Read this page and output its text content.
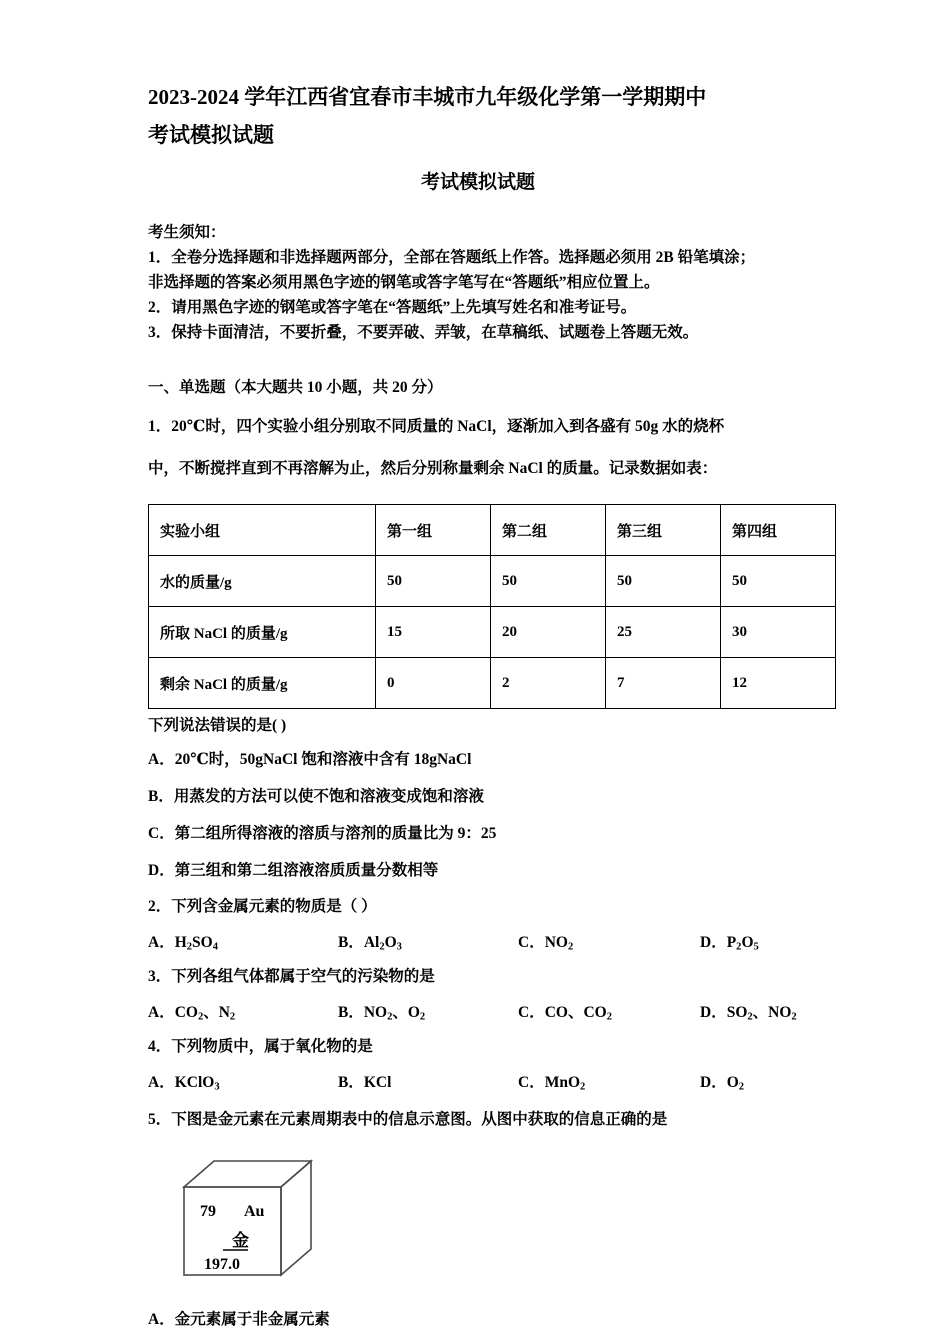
2023-2024 学年江西省宜春市丰城市九年级化学第一学期期中
考试模拟试题
考试模拟试题
考生须知：
1．全卷分选择题和非选择题两部分，全部在答题纸上作答。选择题必须用 2B 铅笔填涂；
非选择题的答案必须用黑色字迹的钢笔或答字笔写在“答题纸”相应位置上。
2．请用黑色字迹的钢笔或答字笔在“答题纸”上先填写姓名和准考证号。
3．保持卡面清洁，不要折叠，不要弄破、弄皱，在草稿纸、试题卷上答题无效。
一、单选题（本大题共 10 小题，共 20 分）
1．20℃时，四个实验小组分别取不同质量的 NaCl，逐渐加入到各盛有 50g 水的烧杯
中，不断搅拌直到不再溶解为止，然后分别称量剩余 NaCl 的质量。记录数据如表：
实验小组	第一组	第二组	第三组	第四组
水的质量/g	50	50	50	50
所取 NaCl 的质量/g	15	20	25	30
剩余 NaCl 的质量/g	0	2	7	12
下列说法错误的是( )
A．20℃时，50gNaCl 饱和溶液中含有 18gNaCl
B．用蒸发的方法可以使不饱和溶液变成饱和溶液
C．第二组所得溶液的溶质与溶剂的质量比为 9：25
D．第三组和第二组溶液溶质质量分数相等
2．下列含金属元素的物质是（ ）
A．$H_2SO_4$	B．$Al_2O_3$	C．$NO_2$	D．$P_2O_5$
3．下列各组气体都属于空气的污染物的是
A．$CO_2$、$N_2$	B．$NO_2$、$O_2$	C．CO、$CO_2$	D．$SO_2$、$NO_2$
4．下列物质中，属于氧化物的是
A．KClO$_3$	B．KCl	C．MnO$_2$	D．$O_2$
5．下图是金元素在元素周期表中的信息示意图。从图中获取的信息正确的是
79 Au
金
197.0
A．金元素属于非金属元素
